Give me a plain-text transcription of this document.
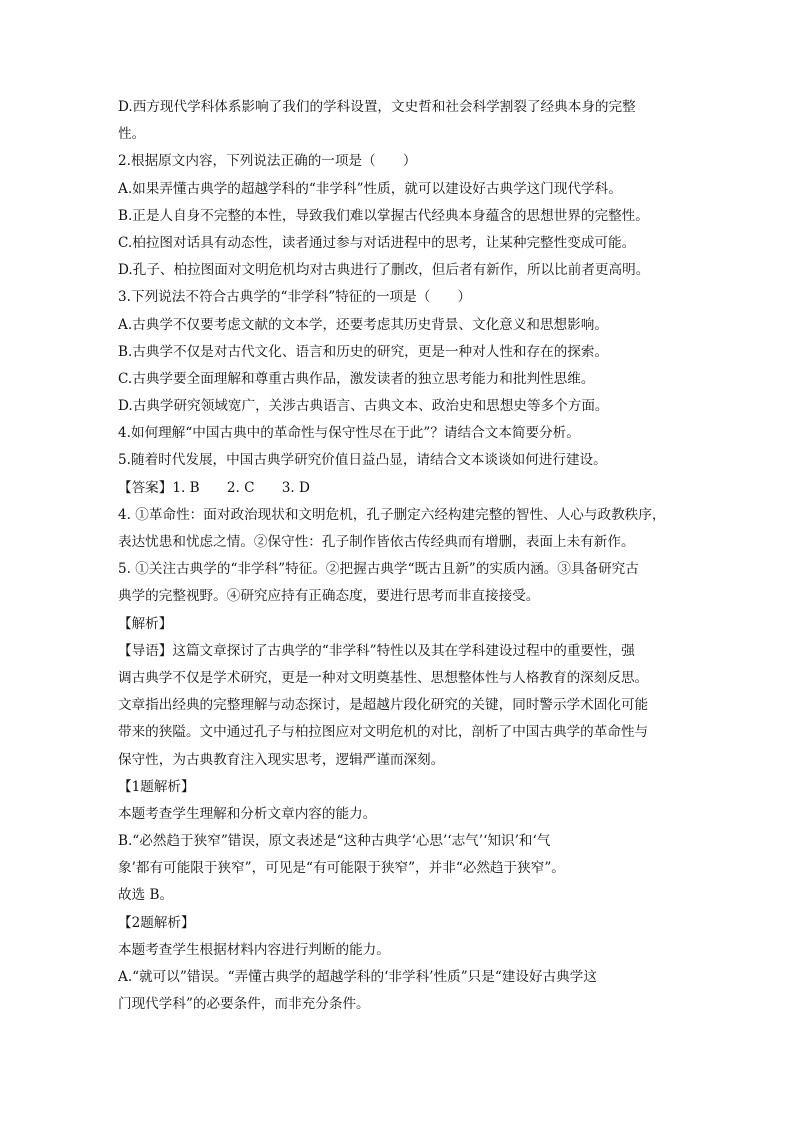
D.西方现代学科体系影响了我们的学科设置，文史哲和社会科学割裂了经典本身的完整
性。
2.根据原文内容，下列说法正确的一项是（　　）
A.如果弄懂古典学的超越学科的“非学科”性质，就可以建设好古典学这门现代学科。
B.正是人自身不完整的本性，导致我们难以掌握古代经典本身蕴含的思想世界的完整性。
C.柏拉图对话具有动态性，读者通过参与对话进程中的思考，让某种完整性变成可能。
D.孔子、柏拉图面对文明危机均对古典进行了删改，但后者有新作，所以比前者更高明。
3.下列说法不符合古典学的“非学科”特征的一项是（　　）
A.古典学不仅要考虑文献的文本学，还要考虑其历史背景、文化意义和思想影响。
B.古典学不仅是对古代文化、语言和历史的研究，更是一种对人性和存在的探索。
C.古典学要全面理解和尊重古典作品，激发读者的独立思考能力和批判性思维。
D.古典学研究领域宽广，关涉古典语言、古典文本、政治史和思想史等多个方面。
4.如何理解“中国古典中的革命性与保守性尽在于此”？请结合文本简要分析。
5.随着时代发展，中国古典学研究价值日益凸显，请结合文本谈谈如何进行建设。
【答案】1. B　　2. C　　3. D
4. ①革命性：面对政治现状和文明危机，孔子删定六经构建完整的智性、人心与政教秩序，
表达忧患和忧虑之情。②保守性：孔子制作皆依古传经典而有增删，表面上未有新作。
5. ①关注古典学的“非学科”特征。②把握古典学“既古且新”的实质内涵。③具备研究古
典学的完整视野。④研究应持有正确态度，要进行思考而非直接接受。
【解析】
【导语】这篇文章探讨了古典学的“非学科”特性以及其在学科建设过程中的重要性，强
调古典学不仅是学术研究，更是一种对文明奠基性、思想整体性与人格教育的深刻反思。
文章指出经典的完整理解与动态探讨，是超越片段化研究的关键，同时警示学术固化可能
带来的狭隘。文中通过孔子与柏拉图应对文明危机的对比，剖析了中国古典学的革命性与
保守性，为古典教育注入现实思考，逻辑严谨而深刻。
【1题解析】
本题考查学生理解和分析文章内容的能力。
B.“必然趋于狭窄”错误，原文表述是“这种古典学‘心思’‘志气’‘知识’和‘气
象’都有可能限于狭窄”，可见是“有可能限于狭窄”，并非“必然趋于狭窄”。
故选 B。
【2题解析】
本题考查学生根据材料内容进行判断的能力。
A.“就可以”错误。“弄懂古典学的超越学科的‘非学科’性质”只是“建设好古典学这
门现代学科”的必要条件，而非充分条件。
